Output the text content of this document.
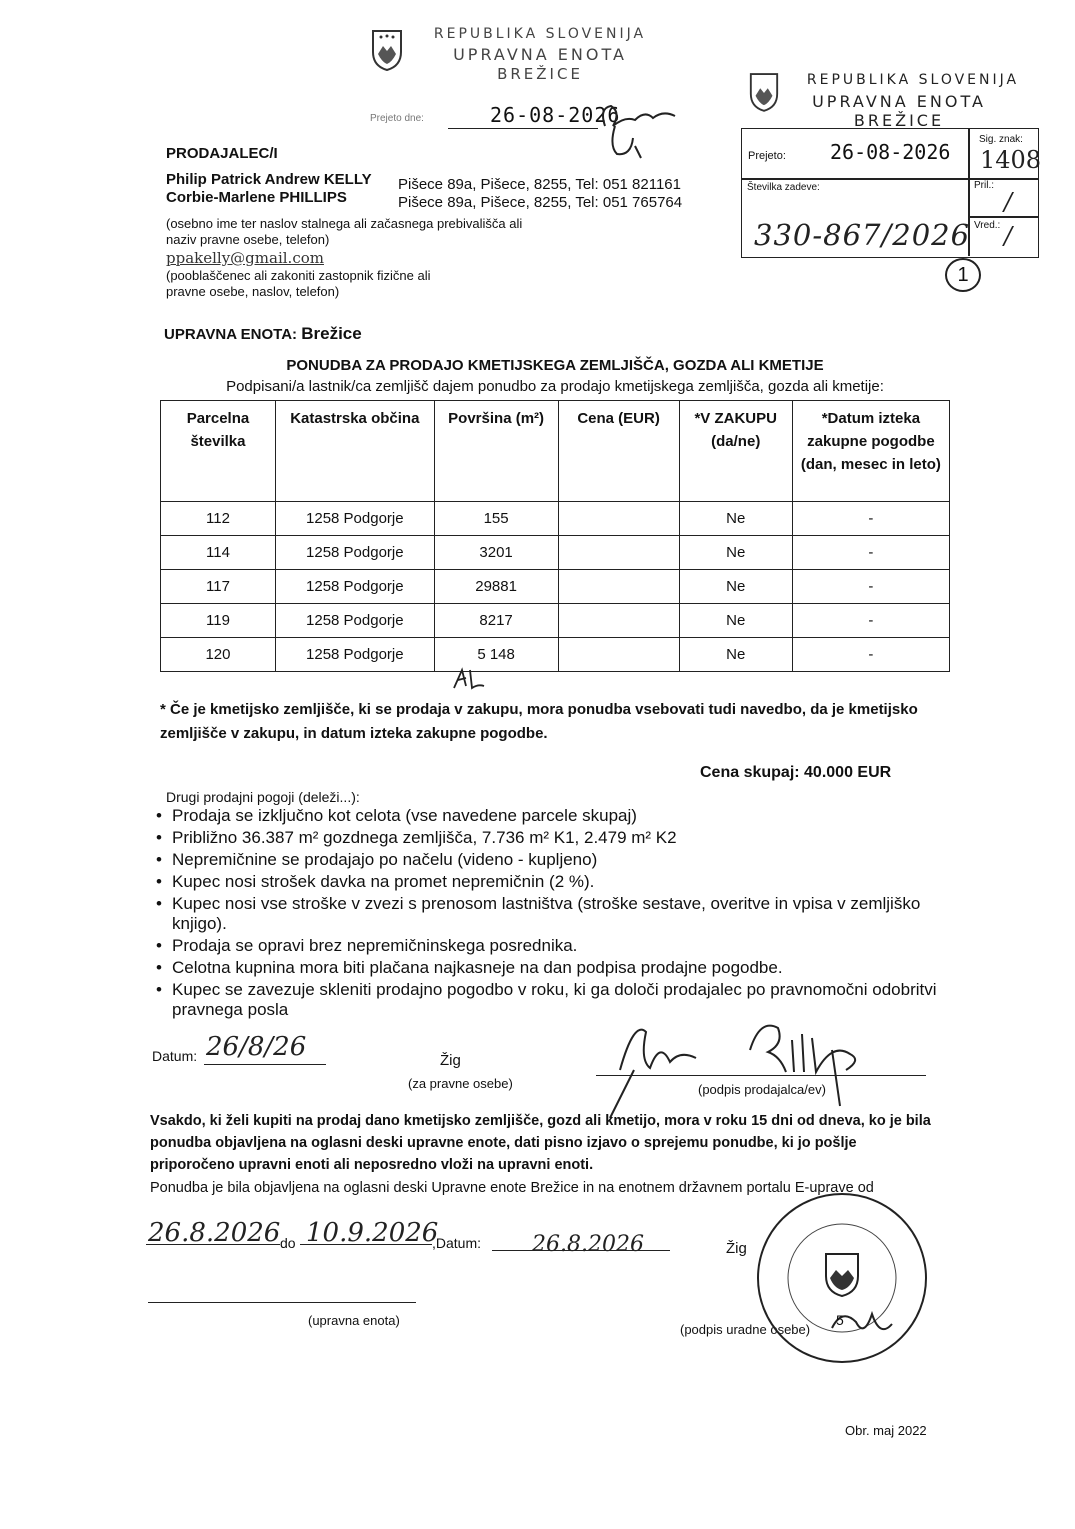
REPUBLIKA SLOVENIJA
UPRAVNA ENOTA
BREŽICE
Prejeto dne:	26-08-2026
REPUBLIKA SLOVENIJA
UPRAVNA ENOTA
BREŽICE
Prejeto: 26-08-2026
Sig. znak:
1408
Številka zadeve:	Pril.:
/
Vred.: /
330-867/2026
1
PRODAJALEC/I
Philip Patrick Andrew KELLY Pišece 89a, Pišece, 8255, Tel: 051 821161
Corbie-Marlene PHILLIPS	Pišece 89a, Pišece, 8255, Tel: 051 765764
(osebno ime ter naslov stalnega ali začasnega prebivališča ali naziv pravne osebe, telefon)
ppakelly@gmail.com
(pooblaščenec ali zakoniti zastopnik fizične ali pravne osebe, naslov, telefon)
UPRAVNA ENOTA: Brežice
PONUDBA ZA PRODAJO KMETIJSKEGA ZEMLJIŠČA, GOZDA ALI KMETIJE
Podpisani/a lastnik/ca zemljišč dajem ponudbo za prodajo kmetijskega zemljišča, gozda ali kmetije:
Parcelna številka	Katastrska občina	Površina (m²)	Cena (EUR)	*V ZAKUPU (da/ne)	*Datum izteka zakupne pogodbe (dan, mesec in leto)
112	1258 Podgorje	155		Ne	-
114	1258 Podgorje	3201		Ne	-
117	1258 Podgorje	29881		Ne	-
119	1258 Podgorje	8217		Ne	-
120	1258 Podgorje	5 148		Ne	-
* Če je kmetijsko zemljišče, ki se prodaja v zakupu, mora ponudba vsebovati tudi navedbo, da je kmetijsko zemljišče v zakupu, in datum izteka zakupne pogodbe.
Cena skupaj: 40.000 EUR
Drugi prodajni pogoji (deleži...):
• Prodaja se izključno kot celota (vse navedene parcele skupaj)
• Približno 36.387 m² gozdnega zemljišča, 7.736 m² K1, 2.479 m² K2
• Nepremičnine se prodajajo po načelu (videno - kupljeno)
• Kupec nosi strošek davka na promet nepremičnin (2 %).
• Kupec nosi vse stroške v zvezi s prenosom lastništva (stroške sestave, overitve in vpisa v zemljiško knjigo).
• Prodaja se opravi brez nepremičninskega posrednika.
• Celotna kupnina mora biti plačana najkasneje na dan podpisa prodajne pogodbe.
• Kupec se zavezuje skleniti prodajno pogodbo v roku, ki ga določi prodajalec po pravnomočni odobritvi pravnega posla
Datum: 26/8/26	Žig
(za pravne osebe)	(podpis prodajalca/ev)
Vsakdo, ki želi kupiti na prodaj dano kmetijsko zemljišče, gozd ali kmetijo, mora v roku 15 dni od dneva, ko je bila ponudba objavljena na oglasni deski upravne enote, dati pisno izjavo o sprejemu ponudbe, ki jo pošlje priporočeno upravni enoti ali neposredno vloži na upravni enoti.
Ponudba je bila objavljena na oglasni deski Upravne enote Brežice in na enotnem državnem portalu E-uprave od
26.8.2026 do 10.9.2026
,Datum: 26.8.2026	Žig
(upravna enota)
(podpis uradne osebe)
5
Obr. maj 2022
